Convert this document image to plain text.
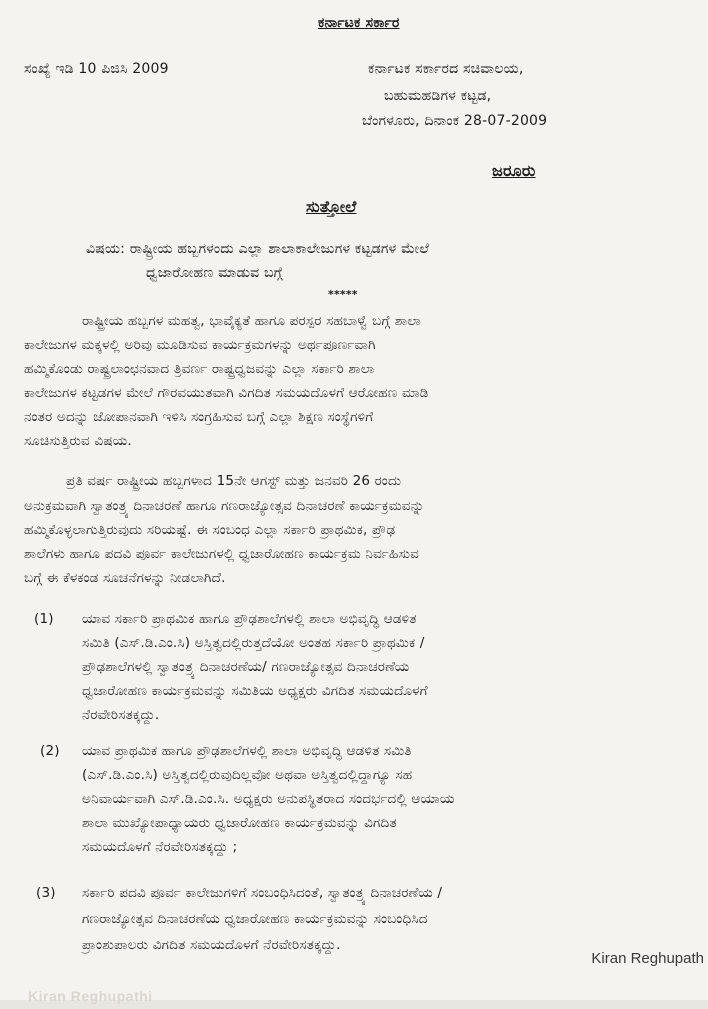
ಕರ್ನಾಟಕ ಸರ್ಕಾರ
ಸಂಖ್ಯೆ ಇಡಿ 10 ಪಿಜಿಸಿ 2009	ಕರ್ನಾಟಕ ಸರ್ಕಾರದ ಸಚಿವಾಲಯ,
ಬಹುಮಹಡಿಗಳ ಕಟ್ಟಡ,
ಬೆಂಗಳೂರು, ದಿನಾಂಕ 28-07-2009
ಜರೂರು
ಸುತ್ತೋಲೆ
ವಿಷಯ: ರಾಷ್ಟ್ರೀಯ ಹಬ್ಬಗಳಂದು ಎಲ್ಲಾ ಶಾಲಾಕಾಲೇಜುಗಳ ಕಟ್ಟಡಗಳ ಮೇಲೆ
ಧ್ವಜಾರೋಹಣ ಮಾಡುವ ಬಗ್ಗೆ
*****
ರಾಷ್ಟ್ರೀಯ ಹಬ್ಬಗಳ ಮಹತ್ವ, ಭಾವೈಕ್ಯತೆ ಹಾಗೂ ಪರಸ್ಪರ ಸಹಬಾಳ್ವೆ ಬಗ್ಗೆ ಶಾಲಾ
ಕಾಲೇಜುಗಳ ಮಕ್ಕಳಲ್ಲಿ ಅರಿವು ಮೂಡಿಸುವ ಕಾರ್ಯಕ್ರಮಗಳನ್ನು ಅರ್ಥಪೂರ್ಣವಾಗಿ
ಹಮ್ಮಿಕೊಂಡು ರಾಷ್ಟ್ರಲಾಂಛನವಾದ ತ್ರಿವರ್ಣ ರಾಷ್ಟ್ರಧ್ವಜವನ್ನು ಎಲ್ಲಾ ಸರ್ಕಾರಿ ಶಾಲಾ
ಕಾಲೇಜುಗಳ ಕಟ್ಟಡಗಳ ಮೇಲೆ ಗೌರವಯುತವಾಗಿ ವಿಗದಿತ ಸಮಯದೊಳಗೆ ಆರೋಹಣ ಮಾಡಿ
ನಂತರ ಅದನ್ನು ಜೋಪಾನವಾಗಿ ಇಳಿಸಿ ಸಂಗ್ರಹಿಸುವ ಬಗ್ಗೆ ಎಲ್ಲಾ ಶಿಕ್ಷಣ ಸಂಸ್ಥೆಗಳಿಗೆ
ಸೂಚಿಸುತ್ತಿರುವ ವಿಷಯ.
ಪ್ರತಿ ವರ್ಷ ರಾಷ್ಟ್ರೀಯ ಹಬ್ಬಗಳಾದ 15ನೇ ಆಗಸ್ಟ್ ಮತ್ತು ಜನವರಿ 26 ರಂದು
ಅನುಕ್ರಮವಾಗಿ ಸ್ವಾತಂತ್ರ್ಯ ದಿನಾಚರಣೆ ಹಾಗೂ ಗಣರಾಜ್ಯೋತ್ಸವ ದಿನಾಚರಣೆ ಕಾರ್ಯಕ್ರಮವನ್ನು
ಹಮ್ಮಿಕೊಳ್ಳಲಾಗುತ್ತಿರುವುದು ಸರಿಯಷ್ಟೆ. ಈ ಸಂಬಂಧ ಎಲ್ಲಾ ಸರ್ಕಾರಿ ಪ್ರಾಥಮಿಕ, ಪ್ರೌಢ
ಶಾಲೆಗಳು ಹಾಗೂ ಪದವಿ ಪೂರ್ವ ಕಾಲೇಜುಗಳಲ್ಲಿ ಧ್ವಜಾರೋಹಣ ಕಾರ್ಯಕ್ರಮ ನಿರ್ವಹಿಸುವ
ಬಗ್ಗೆ ಈ ಕೆಳಕಂಡ ಸೂಚನೆಗಳನ್ನು ನೀಡಲಾಗಿದೆ.
(1) ಯಾವ ಸರ್ಕಾರಿ ಪ್ರಾಥಮಿಕ ಹಾಗೂ ಪ್ರೌಢಶಾಲೆಗಳಲ್ಲಿ ಶಾಲಾ ಅಭಿವೃದ್ಧಿ ಆಡಳಿತ
ಸಮಿತಿ (ಎಸ್.ಡಿ.ಎಂ.ಸಿ) ಅಸ್ತಿತ್ವದಲ್ಲಿರುತ್ತದೆಯೋ ಅಂತಹ ಸರ್ಕಾರಿ ಪ್ರಾಥಮಿಕ /
ಪ್ರೌಢಶಾಲೆಗಳಲ್ಲಿ ಸ್ವಾತಂತ್ರ್ಯ ದಿನಾಚರಣೆಯ/ ಗಣರಾಜ್ಯೋತ್ಸವ ದಿನಾಚರಣೆಯ
ಧ್ವಜಾರೋಹಣ ಕಾರ್ಯಕ್ರಮವನ್ನು ಸಮಿತಿಯ ಅಧ್ಯಕ್ಷರು ವಿಗದಿತ ಸಮಯದೊಳಗೆ
ನೆರವೇರಿಸತಕ್ಕದ್ದು.
(2) ಯಾವ ಪ್ರಾಥಮಿಕ ಹಾಗೂ ಪ್ರೌಢಶಾಲೆಗಳಲ್ಲಿ ಶಾಲಾ ಅಭಿವೃದ್ಧಿ ಆಡಳಿತ ಸಮಿತಿ
(ಎಸ್.ಡಿ.ಎಂ.ಸಿ) ಅಸ್ತಿತ್ವದಲ್ಲಿರುವುದಿಲ್ಲವೋ ಅಥವಾ ಅಸ್ತಿತ್ವದಲ್ಲಿದ್ದಾಗ್ಯೂ ಸಹ
ಅನಿವಾರ್ಯವಾಗಿ ಎಸ್.ಡಿ.ಎಂ.ಸಿ. ಅಧ್ಯಕ್ಷರು ಅನುಪಸ್ಥಿತರಾದ ಸಂದರ್ಭದಲ್ಲಿ ಆಯಾಯ
ಶಾಲಾ ಮುಖ್ಯೋಪಾಧ್ಯಾಯರು ಧ್ವಜಾರೋಹಣ ಕಾರ್ಯಕ್ರಮವನ್ನು ವಿಗದಿತ
ಸಮಯದೊಳಗೆ ನೆರವೇರಿಸತಕ್ಕದ್ದು ;
(3) ಸರ್ಕಾರಿ ಪದವಿ ಪೂರ್ವ ಕಾಲೇಜುಗಳಿಗೆ ಸಂಬಂಧಿಸಿದಂತೆ, ಸ್ವಾತಂತ್ರ್ಯ ದಿನಾಚರಣೆಯ /
ಗಣರಾಜ್ಯೋತ್ಸವ ದಿನಾಚರಣೆಯ ಧ್ವಜಾರೋಹಣ ಕಾರ್ಯಕ್ರಮವನ್ನು ಸಂಬಂಧಿಸಿದ
ಪ್ರಾಂಶುಪಾಲರು ವಿಗದಿತ ಸಮಯದೊಳಗೆ ನೆರವೇರಿಸತಕ್ಕದ್ದು.
Kiran Reghupath
Kiran Reghupathi
